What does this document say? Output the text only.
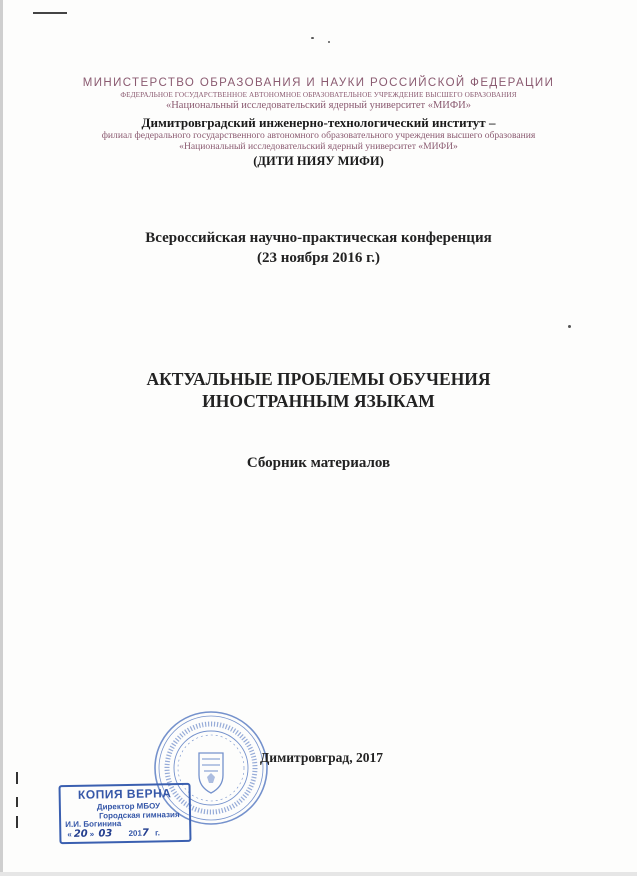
МИНИСТЕРСТВО ОБРАЗОВАНИЯ И НАУКИ РОССИЙСКОЙ ФЕДЕРАЦИИ
ФЕДЕРАЛЬНОЕ ГОСУДАРСТВЕННОЕ АВТОНОМНОЕ ОБРАЗОВАТЕЛЬНОЕ УЧРЕЖДЕНИЕ ВЫСШЕГО ОБРАЗОВАНИЯ
«Национальный исследовательский ядерный университет «МИФИ»
Димитровградский инженерно-технологический институт –
филиал федерального государственного автономного образовательного учреждения высшего образования
«Национальный исследовательский ядерный университет «МИФИ»
(ДИТИ НИЯУ МИФИ)
Всероссийская научно-практическая конференция
(23 ноября 2016 г.)
АКТУАЛЬНЫЕ ПРОБЛЕМЫ ОБУЧЕНИЯ
ИНОСТРАННЫМ ЯЗЫКАМ
Сборник материалов
Димитровград, 2017
КОПИЯ ВЕРНА
Директор МБОУ
Городская гимназия
И.И. Богинина
« 20 » 03 2017 г.
